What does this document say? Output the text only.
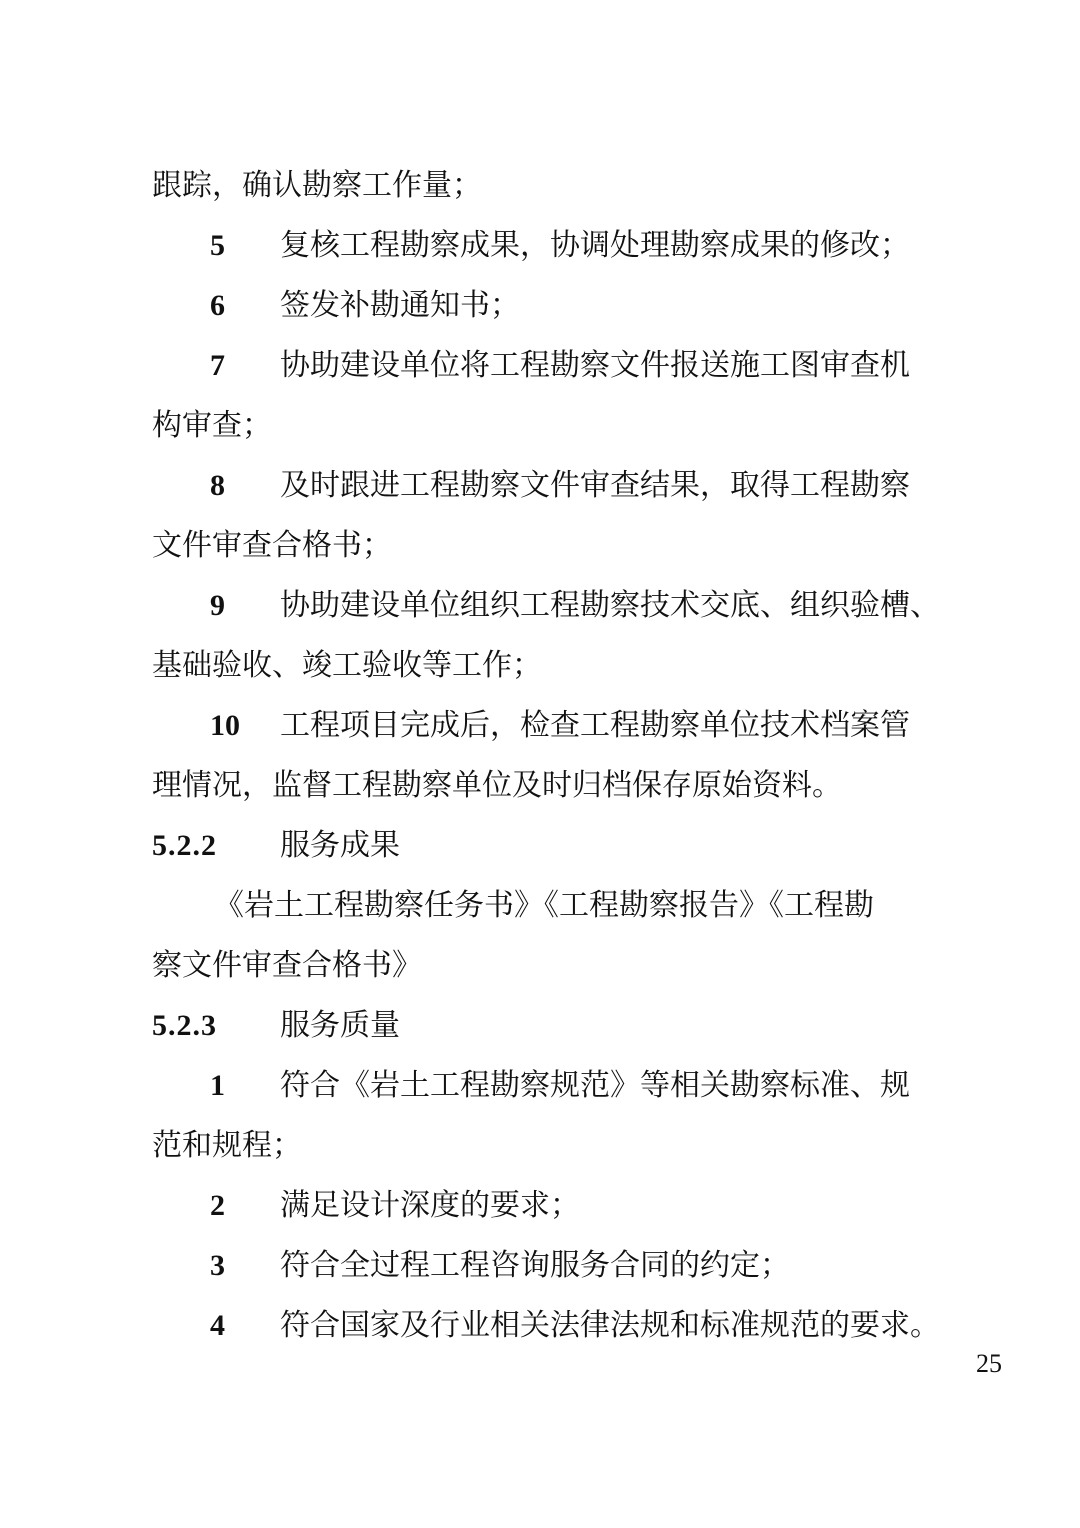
跟踪，确认勘察工作量；
5 复核工程勘察成果，协调处理勘察成果的修改；
6 签发补勘通知书；
7 协助建设单位将工程勘察文件报送施工图审查机
构审查；
8 及时跟进工程勘察文件审查结果，取得工程勘察
文件审查合格书；
9 协助建设单位组织工程勘察技术交底、组织验槽、
基础验收、竣工验收等工作；
10 工程项目完成后，检查工程勘察单位技术档案管
理情况，监督工程勘察单位及时归档保存原始资料。
5.2.2 服务成果
《岩土工程勘察任务书》《工程勘察报告》《工程勘
察文件审查合格书》
5.2.3 服务质量
1 符合《岩土工程勘察规范》等相关勘察标准、规
范和规程；
2 满足设计深度的要求；
3 符合全过程工程咨询服务合同的约定；
4 符合国家及行业相关法律法规和标准规范的要求。
25
